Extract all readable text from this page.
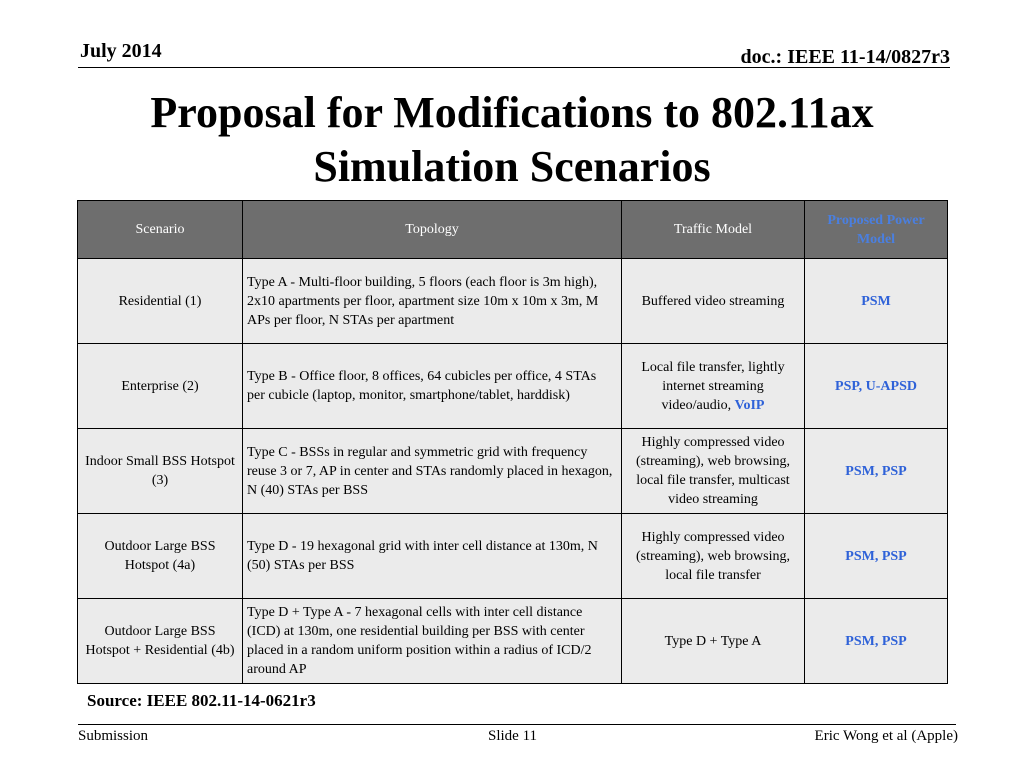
July 2014	doc.: IEEE 11-14/0827r3
Proposal for Modifications to 802.11ax
Simulation Scenarios
Scenario	Topology	Traffic Model	Proposed Power Model
Residential (1)	Type A - Multi-floor building, 5 floors (each floor is 3m high), 2x10 apartments per floor, apartment size 10m x 10m x 3m, M APs per floor, N STAs per apartment	Buffered video streaming	PSM
Enterprise (2)	Type B - Office floor, 8 offices, 64 cubicles per office, 4 STAs per cubicle (laptop, monitor, smartphone/tablet, harddisk)	Local file transfer, lightly internet streaming video/audio, VoIP	PSP, U-APSD
Indoor Small BSS Hotspot (3)	Type C - BSSs in regular and symmetric grid with frequency reuse 3 or 7, AP in center and STAs randomly placed in hexagon, N (40) STAs per BSS	Highly compressed video (streaming), web browsing, local file transfer, multicast video streaming	PSM, PSP
Outdoor Large BSS Hotspot (4a)	Type D - 19 hexagonal grid with inter cell distance at 130m, N (50) STAs per BSS	Highly compressed video (streaming), web browsing, local file transfer	PSM, PSP
Outdoor Large BSS Hotspot + Residential (4b)	Type D + Type A - 7 hexagonal cells with inter cell distance (ICD) at 130m, one residential building per BSS with center placed in a random uniform position within a radius of ICD/2 around AP	Type D + Type A	PSM, PSP
Source: IEEE 802.11-14-0621r3
Submission	Slide 11	Eric Wong et al (Apple)
